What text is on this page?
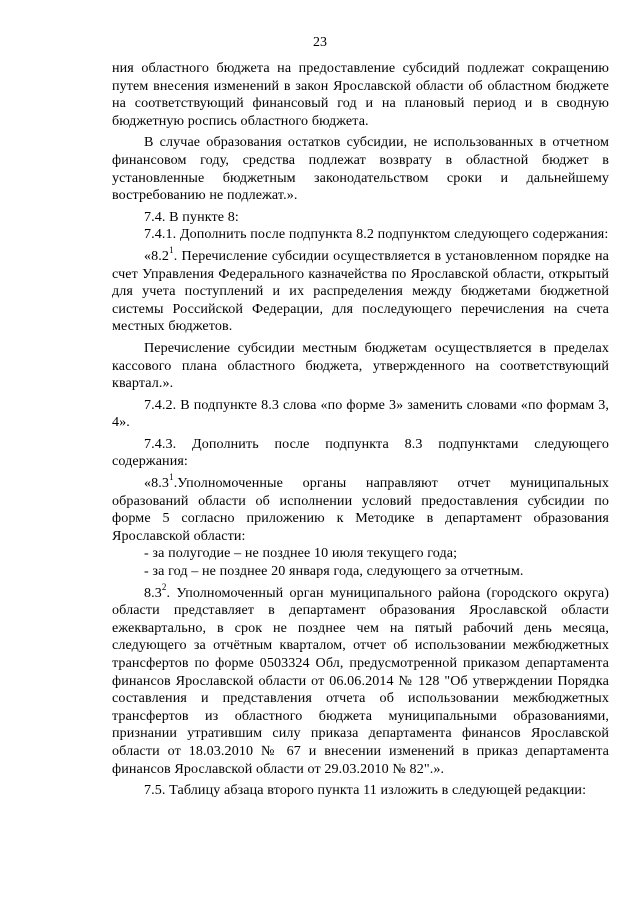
23

ния областного бюджета на предоставление субсидий подлежат сокращению путем внесения изменений в закон Ярославской области об областном бюджете на соответствующий финансовый год и на плановый период и в сводную бюджетную роспись областного бюджета.

В случае образования остатков субсидии, не использованных в отчетном финансовом году, средства подлежат возврату в областной бюджет в установленные бюджетным законодательством сроки и дальнейшему востребованию не подлежат.».

7.4. В пункте 8:

7.4.1. Дополнить после подпункта 8.2 подпунктом следующего содержания:

«$8.2^1$. Перечисление субсидии осуществляется в установленном порядке на счет Управления Федерального казначейства по Ярославской области, открытый для учета поступлений и их распределения между бюджетами бюджетной системы Российской Федерации, для последующего перечисления на счета местных бюджетов.

Перечисление субсидии местным бюджетам осуществляется в пределах кассового плана областного бюджета, утвержденного на соответствующий квартал.».

7.4.2. В подпункте 8.3 слова «по форме 3» заменить словами «по формам 3, 4».

7.4.3. Дополнить после подпункта 8.3 подпунктами следующего содержания:

«$8.3^1.Уполномоченные$ органы направляют отчет муниципальных образований области об исполнении условий предоставления субсидии по форме 5 согласно приложению к Методике в департамент образования Ярославской области:

- за полугодие – не позднее 10 июля текущего года;

- за год – не позднее 20 января года, следующего за отчетным.

$8.3^2$. Уполномоченный орган муниципального района (городского округа) области представляет в департамент образования Ярославской области ежеквартально, в срок не позднее чем на пятый рабочий день месяца, следующего за отчётным кварталом, отчет об использовании межбюджетных трансфертов по форме 0503324 Обл, предусмотренной приказом департамента финансов Ярославской области от 06.06.2014 № 128 "Об утверждении Порядка составления и представления отчета об использовании межбюджетных трансфертов из областного бюджета муниципальными образованиями, признании утратившим силу приказа департамента финансов Ярославской области от 18.03.2010 № 67 и внесении изменений в приказ департамента финансов Ярославской области от 29.03.2010 № 82".».

7.5. Таблицу абзаца второго пункта 11 изложить в следующей редакции:
